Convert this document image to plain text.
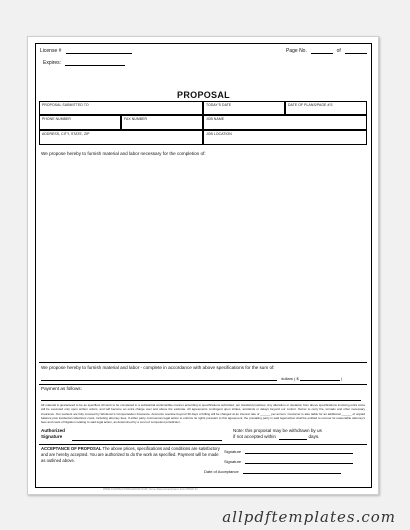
License #
Expires:
Page No.	of
PROPOSAL
PROPOSAL SUBMITTED TO	TODAY'S DATE	DATE OF PLANS/PAGE #'S
PHONE NUMBER	FAX NUMBER	JOB NAME
ADDRESS, CITY, STATE, ZIP	JOB LOCATION
We propose hereby to furnish material and labor necessary for the completion of:
We propose hereby to furnish material and labor - complete in accordance with above specifications for the sum of:
dollars ( $	)
Payment as follows:
All material is guaranteed to be as specified. All work to be completed in a substantial workmanlike manner according to specifications submitted, per standard practices. Any alteration or deviation from above specifications involving extra costs will be executed only upon written orders, and will become an extra charge over and above the estimate. All agreements contingent upon strikes, accidents or delays beyond our control. Owner to carry fire, tornado and other necessary insurance. Our workers are fully covered by Workmen's Compensation Insurance. Accounts overdue beyond 30 days of billing will be charged at an interest rate of ______ per annum. Customer is also liable for an additional ______ of unpaid balance plus incidental collections costs, including attorney fees. If either party commences legal action to enforce its rights pursuant to this agreement, the prevailing party in said legal action shall be entitled to recover its reasonable attorney's fees and costs of litigation relating to said legal action, as determined by a court of competent jurisdiction.
Authorized
Signature
Note: this proposal may be withdrawn by us
if not accepted within	days.
ACCEPTANCE OF PROPOSAL The above prices, specifications and conditions are satisfactory and are hereby accepted. You are authorized to do the work as specified. Payment will be made as outlined above.
Signature
Signature
Date of Acceptance
WWW.CONTRACTORSGROUP.COM | Some States Enterprises | Form PROP-01
allpdftemplates.com
